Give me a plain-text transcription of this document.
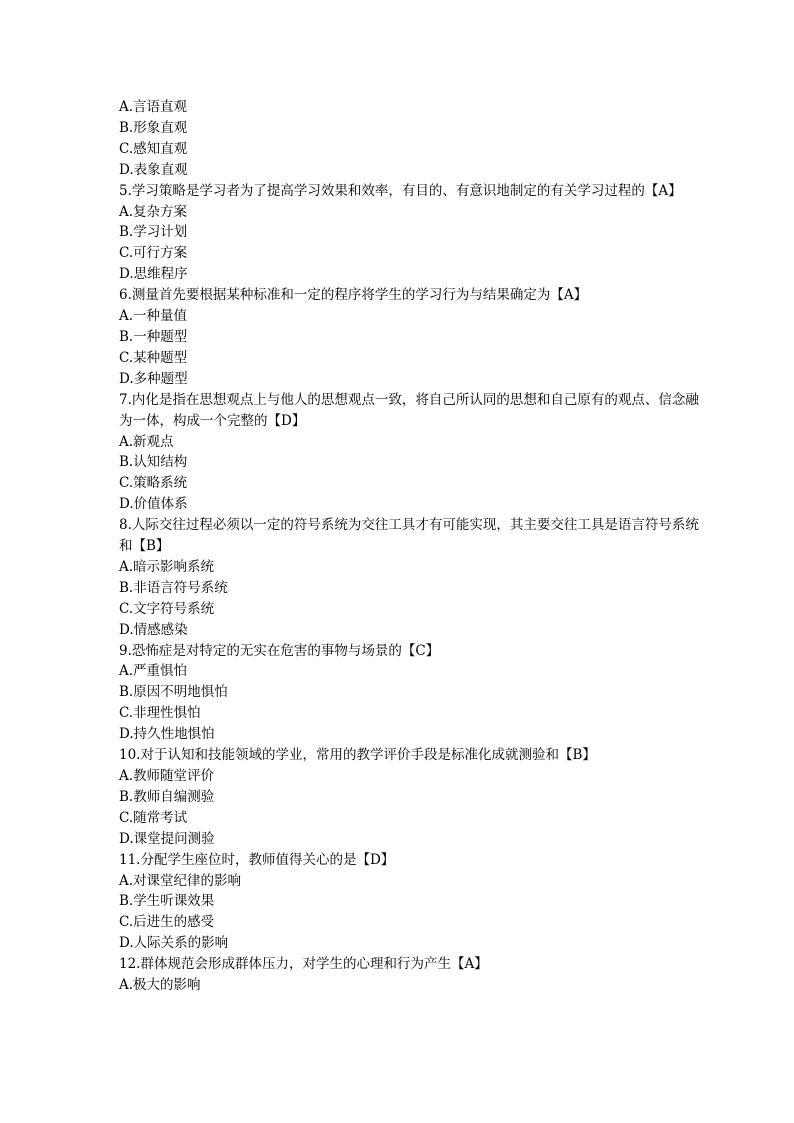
A.言语直观
B.形象直观
C.感知直观
D.表象直观
5.学习策略是学习者为了提高学习效果和效率，有目的、有意识地制定的有关学习过程的【A】
A.复杂方案
B.学习计划
C.可行方案
D.思维程序
6.测量首先要根据某种标准和一定的程序将学生的学习行为与结果确定为【A】
A.一种量值
B.一种题型
C.某种题型
D.多种题型
7.内化是指在思想观点上与他人的思想观点一致，将自己所认同的思想和自己原有的观点、信念融为一体，构成一个完整的【D】
A.新观点
B.认知结构
C.策略系统
D.价值体系
8.人际交往过程必须以一定的符号系统为交往工具才有可能实现，其主要交往工具是语言符号系统和【B】
A.暗示影响系统
B.非语言符号系统
C.文字符号系统
D.情感感染
9.恐怖症是对特定的无实在危害的事物与场景的【C】
A.严重惧怕
B.原因不明地惧怕
C.非理性惧怕
D.持久性地惧怕
10.对于认知和技能领域的学业，常用的教学评价手段是标准化成就测验和【B】
A.教师随堂评价
B.教师自编测验
C.随常考试
D.课堂提问测验
11.分配学生座位时，教师值得关心的是【D】
A.对课堂纪律的影响
B.学生听课效果
C.后进生的感受
D.人际关系的影响
12.群体规范会形成群体压力，对学生的心理和行为产生【A】
A.极大的影响
